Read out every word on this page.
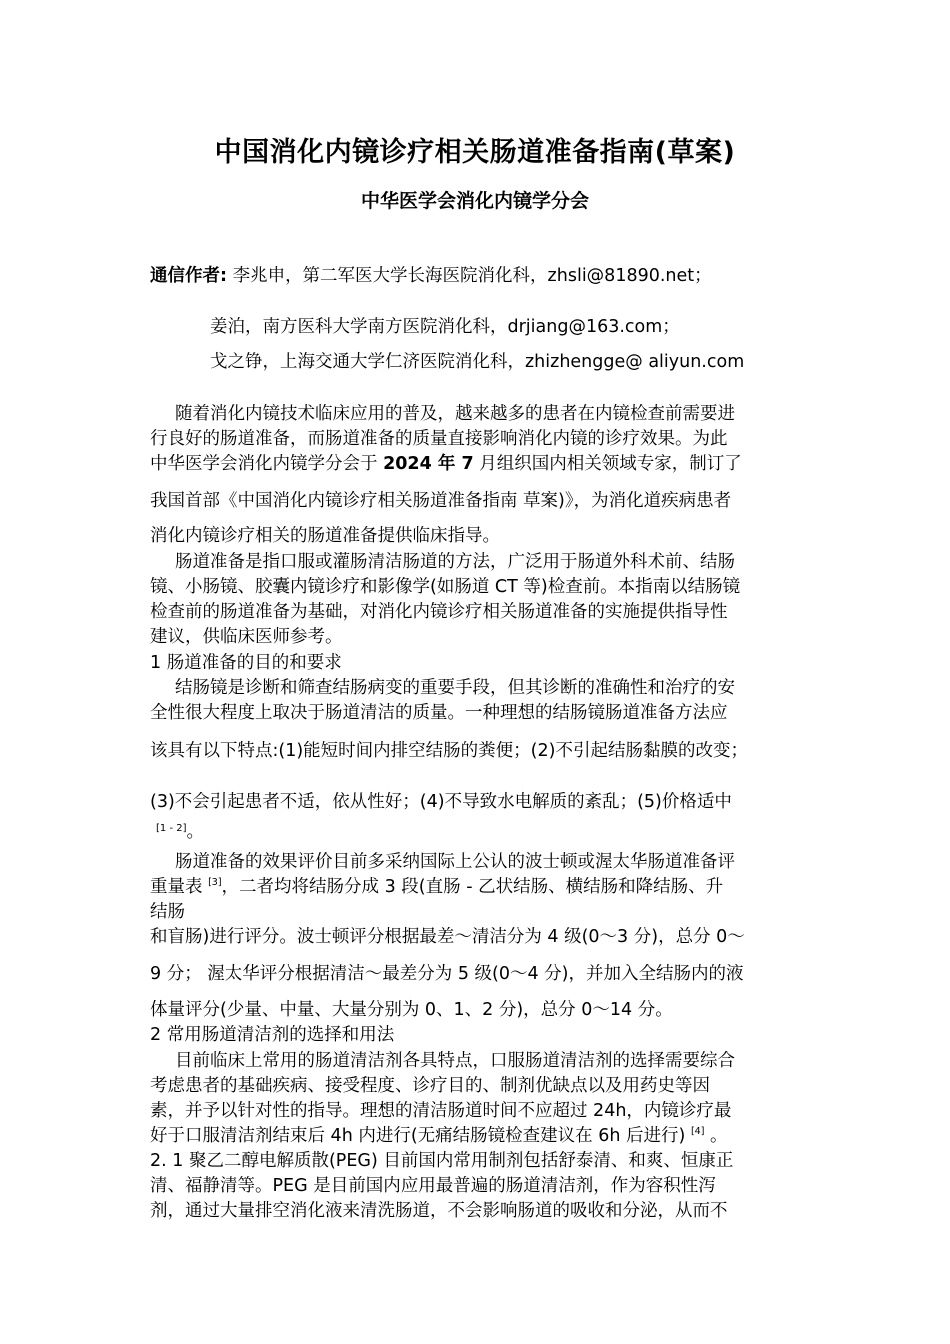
中国消化内镜诊疗相关肠道准备指南(草案)
中华医学会消化内镜学分会
通信作者: 李兆申，第二军医大学长海医院消化科，zhsli@81890.net；
姜泊，南方医科大学南方医院消化科，drjiang@163.com；
戈之铮，上海交通大学仁济医院消化科，zhizhengge@ aliyun.com
随着消化内镜技术临床应用的普及，越来越多的患者在内镜检查前需要进
行良好的肠道准备，而肠道准备的质量直接影响消化内镜的诊疗效果。为此
中华医学会消化内镜学分会于 2024 年 7 月组织国内相关领域专家，制订了
我国首部《中国消化内镜诊疗相关肠道准备指南 草案)》，为消化道疾病患者
消化内镜诊疗相关的肠道准备提供临床指导。
肠道准备是指口服或灌肠清洁肠道的方法，广泛用于肠道外科术前、结肠
镜、小肠镜、胶囊内镜诊疗和影像学(如肠道 CT 等)检查前。本指南以结肠镜
检查前的肠道准备为基础，对消化内镜诊疗相关肠道准备的实施提供指导性
建议，供临床医师参考。
1 肠道准备的目的和要求
结肠镜是诊断和筛查结肠病变的重要手段，但其诊断的准确性和治疗的安
全性很大程度上取决于肠道清洁的质量。一种理想的结肠镜肠道准备方法应
该具有以下特点:(1)能短时间内排空结肠的粪便；(2)不引起结肠黏膜的改变；
(3)不会引起患者不适，依从性好；(4)不导致水电解质的紊乱；(5)价格适中
[1 - 2]。
肠道准备的效果评价目前多采纳国际上公认的波士顿或渥太华肠道准备评
重量表 [3]，二者均将结肠分成 3 段(直肠 - 乙状结肠、横结肠和降结肠、升
结肠
和盲肠)进行评分。波士顿评分根据最差～清洁分为 4 级(0～3 分)，总分 0～
9 分； 渥太华评分根据清洁～最差分为 5 级(0～4 分)，并加入全结肠内的液
体量评分(少量、中量、大量分别为 0、1、2 分)，总分 0～14 分。
2 常用肠道清洁剂的选择和用法
目前临床上常用的肠道清洁剂各具特点，口服肠道清洁剂的选择需要综合
考虑患者的基础疾病、接受程度、诊疗目的、制剂优缺点以及用药史等因
素，并予以针对性的指导。理想的清洁肠道时间不应超过 24h，内镜诊疗最
好于口服清洁剂结束后 4h 内进行(无痛结肠镜检查建议在 6h 后进行) [4] 。
2. 1 聚乙二醇电解质散(PEG) 目前国内常用制剂包括舒泰清、和爽、恒康正
清、福静清等。PEG 是目前国内应用最普遍的肠道清洁剂，作为容积性泻
剂，通过大量排空消化液来清洗肠道，不会影响肠道的吸收和分泌，从而不
